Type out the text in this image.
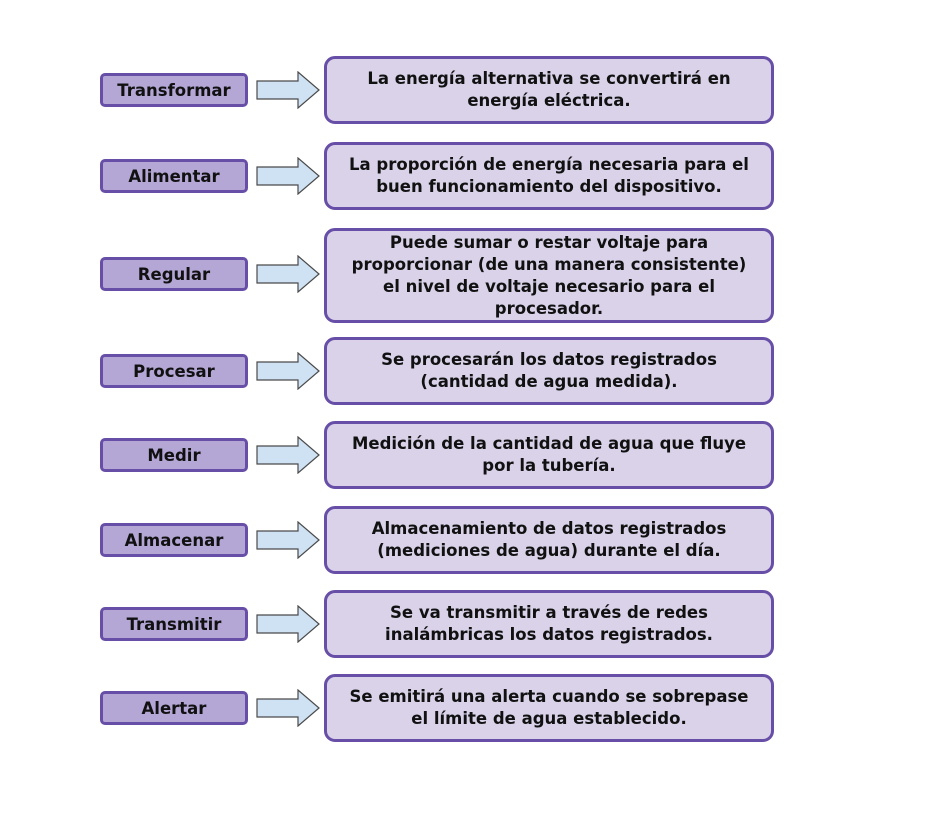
Transformar
La energía alternativa se convertirá en energía eléctrica.
Alimentar
La proporción de energía necesaria para el buen funcionamiento del dispositivo.
Regular
Puede sumar o restar voltaje para proporcionar (de una manera consistente) el nivel de voltaje necesario para el procesador.
Procesar
Se procesarán los datos registrados (cantidad de agua medida).
Medir
Medición de la cantidad de agua que fluye por la tubería.
Almacenar
Almacenamiento de datos registrados (mediciones de agua) durante el día.
Transmitir
Se va transmitir a través de redes inalámbricas los datos registrados.
Alertar
Se emitirá una alerta cuando se sobrepase el límite de agua establecido.
